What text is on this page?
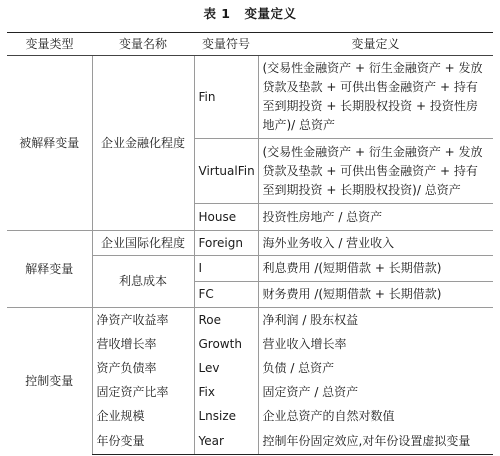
表 1 变量定义
变量类型	变量名称	变量符号	变量定义
被解释变量	企业金融化程度	Fin	(交易性金融资产 + 衍生金融资产 + 发放贷款及垫款 + 可供出售金融资产 + 持有至到期投资 + 长期股权投资 + 投资性房地产)/ 总资产
		VirtualFin	(交易性金融资产 + 衍生金融资产 + 发放贷款及垫款 + 可供出售金融资产 + 持有至到期投资 + 长期股权投资)/ 总资产
		House	投资性房地产 / 总资产
解释变量	企业国际化程度	Foreign	海外业务收入 / 营业收入
	利息成本	I	利息费用 /(短期借款 + 长期借款)
		FC	财务费用 /(短期借款 + 长期借款)
控制变量	净资产收益率	Roe	净利润 / 股东权益
	营收增长率	Growth	营业收入增长率
	资产负债率	Lev	负债 / 总资产
	固定资产比率	Fix	固定资产 / 总资产
	企业规模	Lnsize	企业总资产的自然对数值
	年份变量	Year	控制年份固定效应,对年份设置虚拟变量
